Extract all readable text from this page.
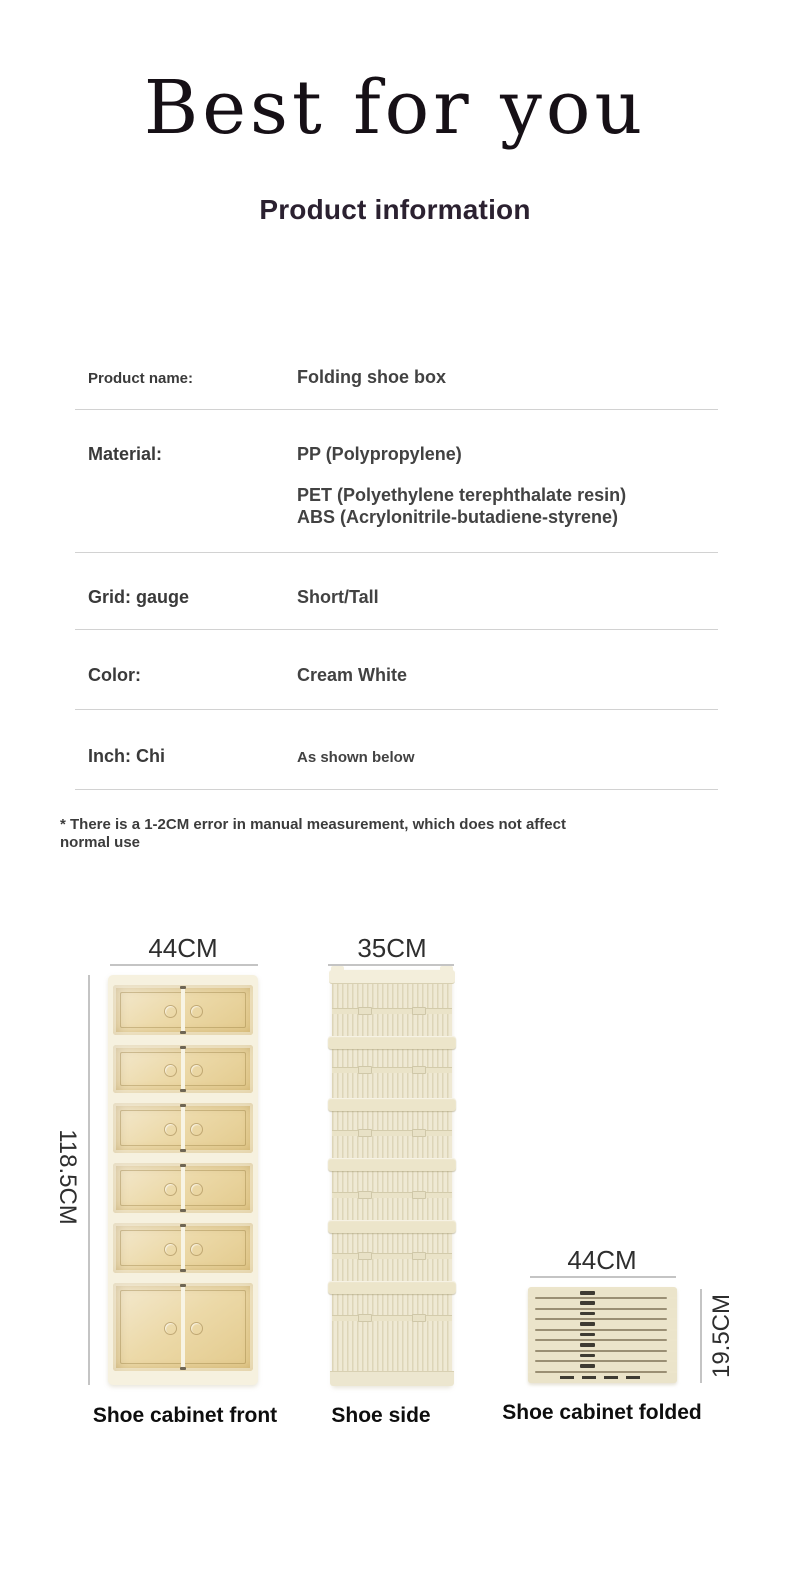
Best for you
Product information
Product name:	Folding shoe box
Material:	PP (Polypropylene)
PET (Polyethylene terephthalate resin)
ABS (Acrylonitrile-butadiene-styrene)
Grid: gauge	Short/Tall
Color:	Cream White
Inch: Chi	As shown below
* There is a 1-2CM error in manual measurement, which does not affect normal use
44CM
118.5CM
Shoe cabinet front
35CM
Shoe side
44CM
19.5CM
Shoe cabinet folded
